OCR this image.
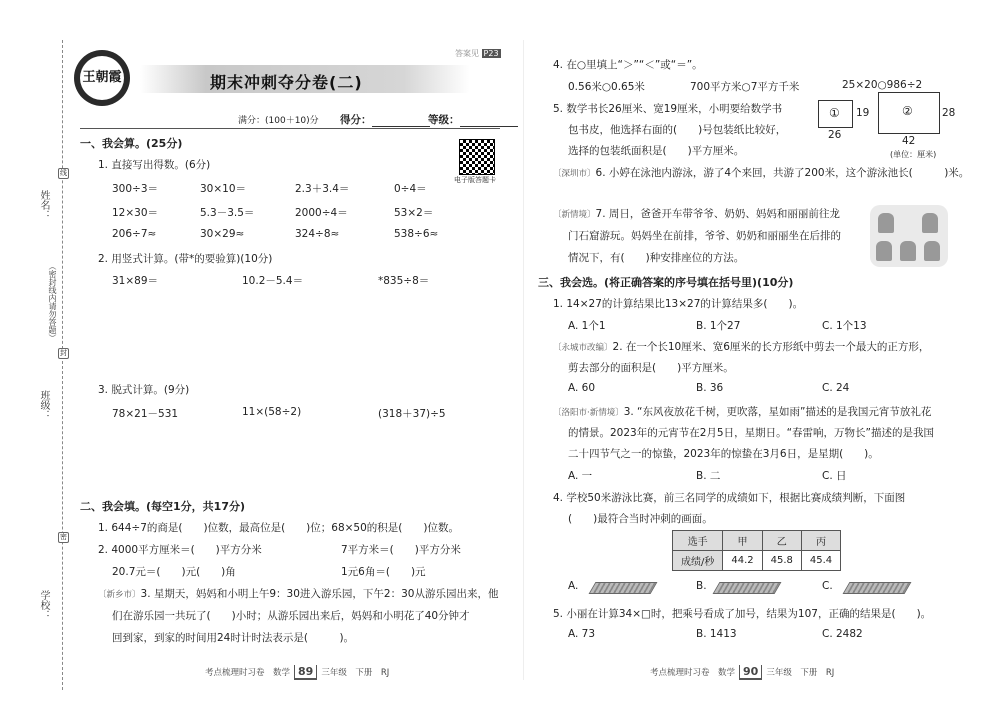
姓名：
班级：
学校：
（密封线内请勿答题）
线
封
密
王朝霞
答案见 P23
期末冲刺夺分卷(二)
满分：(100＋10)分 得分：	等级：
电子版答题卡
一、我会算。(25分)
1. 直接写出得数。(6分)
300÷3＝	30×10＝	2.3＋3.4＝	0÷4＝
12×30＝	5.3－3.5＝	2000÷4＝	53×2＝
206÷7≈	30×29≈	324÷8≈	538÷6≈
2. 用竖式计算。(带*的要验算)(10分)
31×89＝	10.2－5.4＝	*835÷8＝
3. 脱式计算。(9分)
78×21－531	11×(58÷2)	(318＋37)÷5
二、我会填。(每空1分，共17分)
1. 644÷7的商是(　　)位数，最高位是(　　)位；68×50的积是(　　)位数。
2. 4000平方厘米＝(　　)平方分米	7平方米＝(　　)平方分米
20.7元＝(　　)元(　　)角	1元6角＝(　　)元
〔新乡市〕3. 星期天，妈妈和小明上午9：30进入游乐园，下午2：30从游乐园出来，他
们在游乐园一共玩了(　　)小时；从游乐园出来后，妈妈和小明花了40分钟才
回到家，到家的时间用24时计时法表示是(　　　)。
考点梳理时习卷　数学 89 三年级　下册　RJ
4. 在○里填上“＞”“＜”或“＝”。
0.56米○0.65米	700平方米○7平方千米	25×20○986÷2
5. 数学书长26厘米、宽19厘米，小明要给数学书
包书皮，他选择右面的(　　)号包装纸比较好，
选择的包装纸面积是(　　)平方厘米。
① 19
26
②	28
42
(单位：厘米)
〔深圳市〕6. 小婷在泳池内游泳，游了4个来回，共游了200米，这个游泳池长(　　　)米。
〔新情境〕7. 周日，爸爸开车带爷爷、奶奶、妈妈和丽丽前往龙
门石窟游玩。妈妈坐在前排，爷爷、奶奶和丽丽坐在后排的
情况下，有(　　)种安排座位的方法。
三、我会选。(将正确答案的序号填在括号里)(10分)
1. 14×27的计算结果比13×27的计算结果多(　　)。
A. 1个1	B. 1个27	C. 1个13
〔永城市改编〕2. 在一个长10厘米、宽6厘米的长方形纸中剪去一个最大的正方形，
剪去部分的面积是(　　)平方厘米。
A. 60	B. 36	C. 24
〔洛阳市·新情境〕3. “东风夜放花千树，更吹落，星如雨”描述的是我国元宵节放礼花
的情景。2023年的元宵节在2月5日，星期日。“春雷响，万物长”描述的是我国
二十四节气之一的惊蛰，2023年的惊蛰在3月6日，是星期(　　)。
A. 一	B. 二	C. 日
4. 学校50米游泳比赛，前三名同学的成绩如下，根据比赛成绩判断，下面图
(　　)最符合当时冲刺的画面。
选手	甲	乙	丙
成绩/秒	44.2	45.8	45.4
A.	B.	C.
5. 小丽在计算34×□时，把乘号看成了加号，结果为107，正确的结果是(　　)。
A. 73	B. 1413	C. 2482
考点梳理时习卷　数学 90 三年级　下册　RJ
